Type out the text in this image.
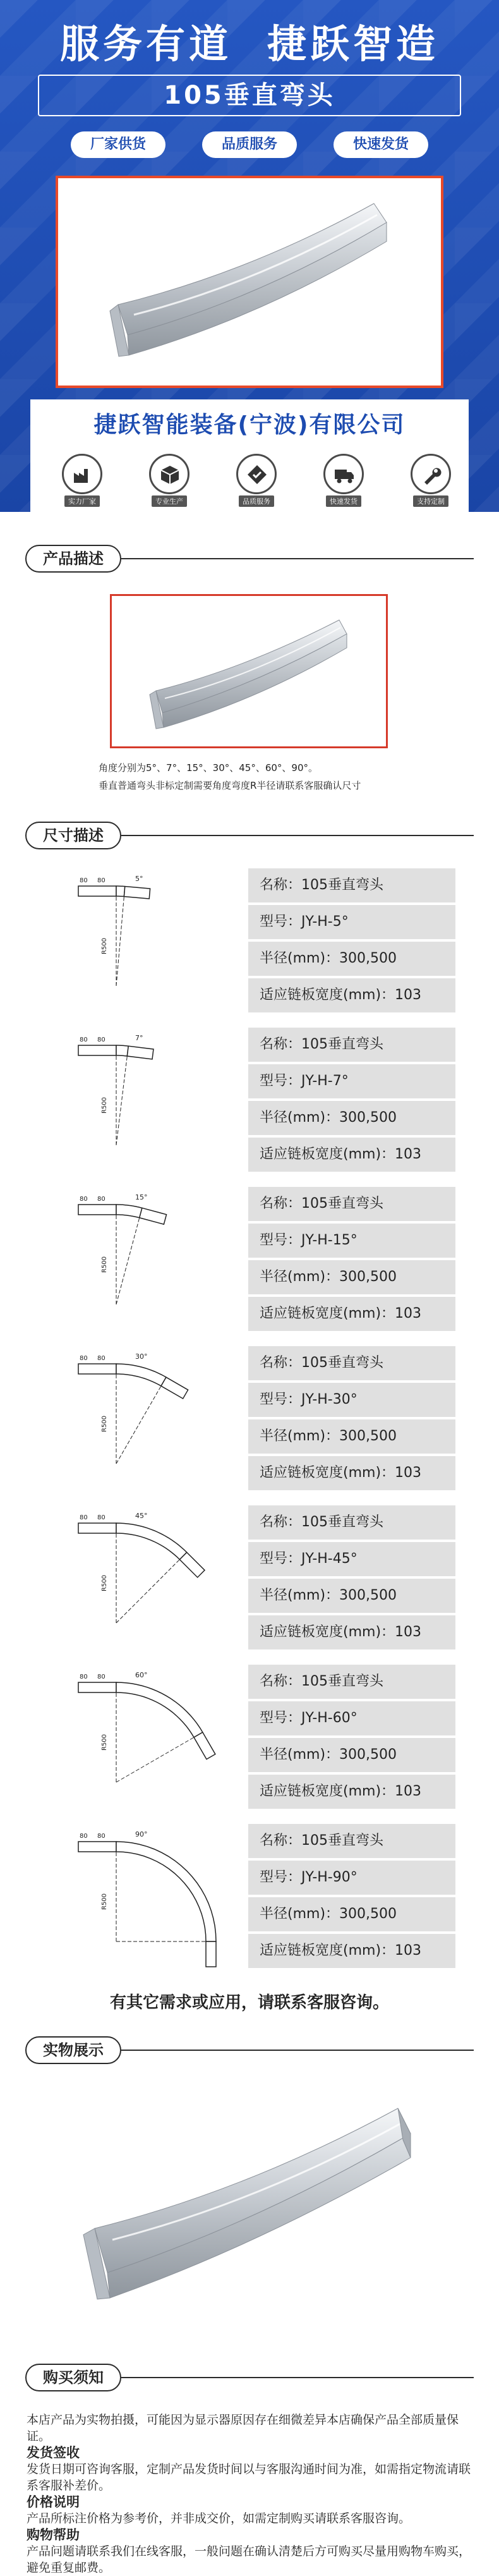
服务有道 捷跃智造
105垂直弯头
厂家供货	品质服务	快速发货
捷跃智能装备(宁波)有限公司
实力厂家	专业生产	品质服务	快速发货	支持定制
产品描述
角度分别为5°、7°、15°、30°、45°、60°、90°。
垂直普通弯头非标定制需要角度弯度R半径请联系客服确认尺寸
尺寸描述
80 80	5°
R500
名称：105垂直弯头
型号：JY-H-5°
半径(mm)：300,500
适应链板宽度(mm)：103
80 80	7°
R500
名称：105垂直弯头
型号：JY-H-7°
半径(mm)：300,500
适应链板宽度(mm)：103
80 80	15°
R500
名称：105垂直弯头
型号：JY-H-15°
半径(mm)：300,500
适应链板宽度(mm)：103
80 80	30°
R500
名称：105垂直弯头
型号：JY-H-30°
半径(mm)：300,500
适应链板宽度(mm)：103
80 80	45°
R500
名称：105垂直弯头
型号：JY-H-45°
半径(mm)：300,500
适应链板宽度(mm)：103
80 80	60°
R500
名称：105垂直弯头
型号：JY-H-60°
半径(mm)：300,500
适应链板宽度(mm)：103
80 80	90°
R500
名称：105垂直弯头
型号：JY-H-90°
半径(mm)：300,500
适应链板宽度(mm)：103
有其它需求或应用，请联系客服咨询。
实物展示
购买须知
本店产品为实物拍摄，可能因为显示器原因存在细微差异本店确保产品全部质量保证。
发货签收
发货日期可咨询客服，定制产品发货时间以与客服沟通时间为准，如需指定物流请联系客服补差价。
价格说明
产品所标注价格为参考价，并非成交价，如需定制购买请联系客服咨询。
购物帮助
产品问题请联系我们在线客服，一般问题在确认清楚后方可购买尽量用购物车购买，避免重复邮费。
